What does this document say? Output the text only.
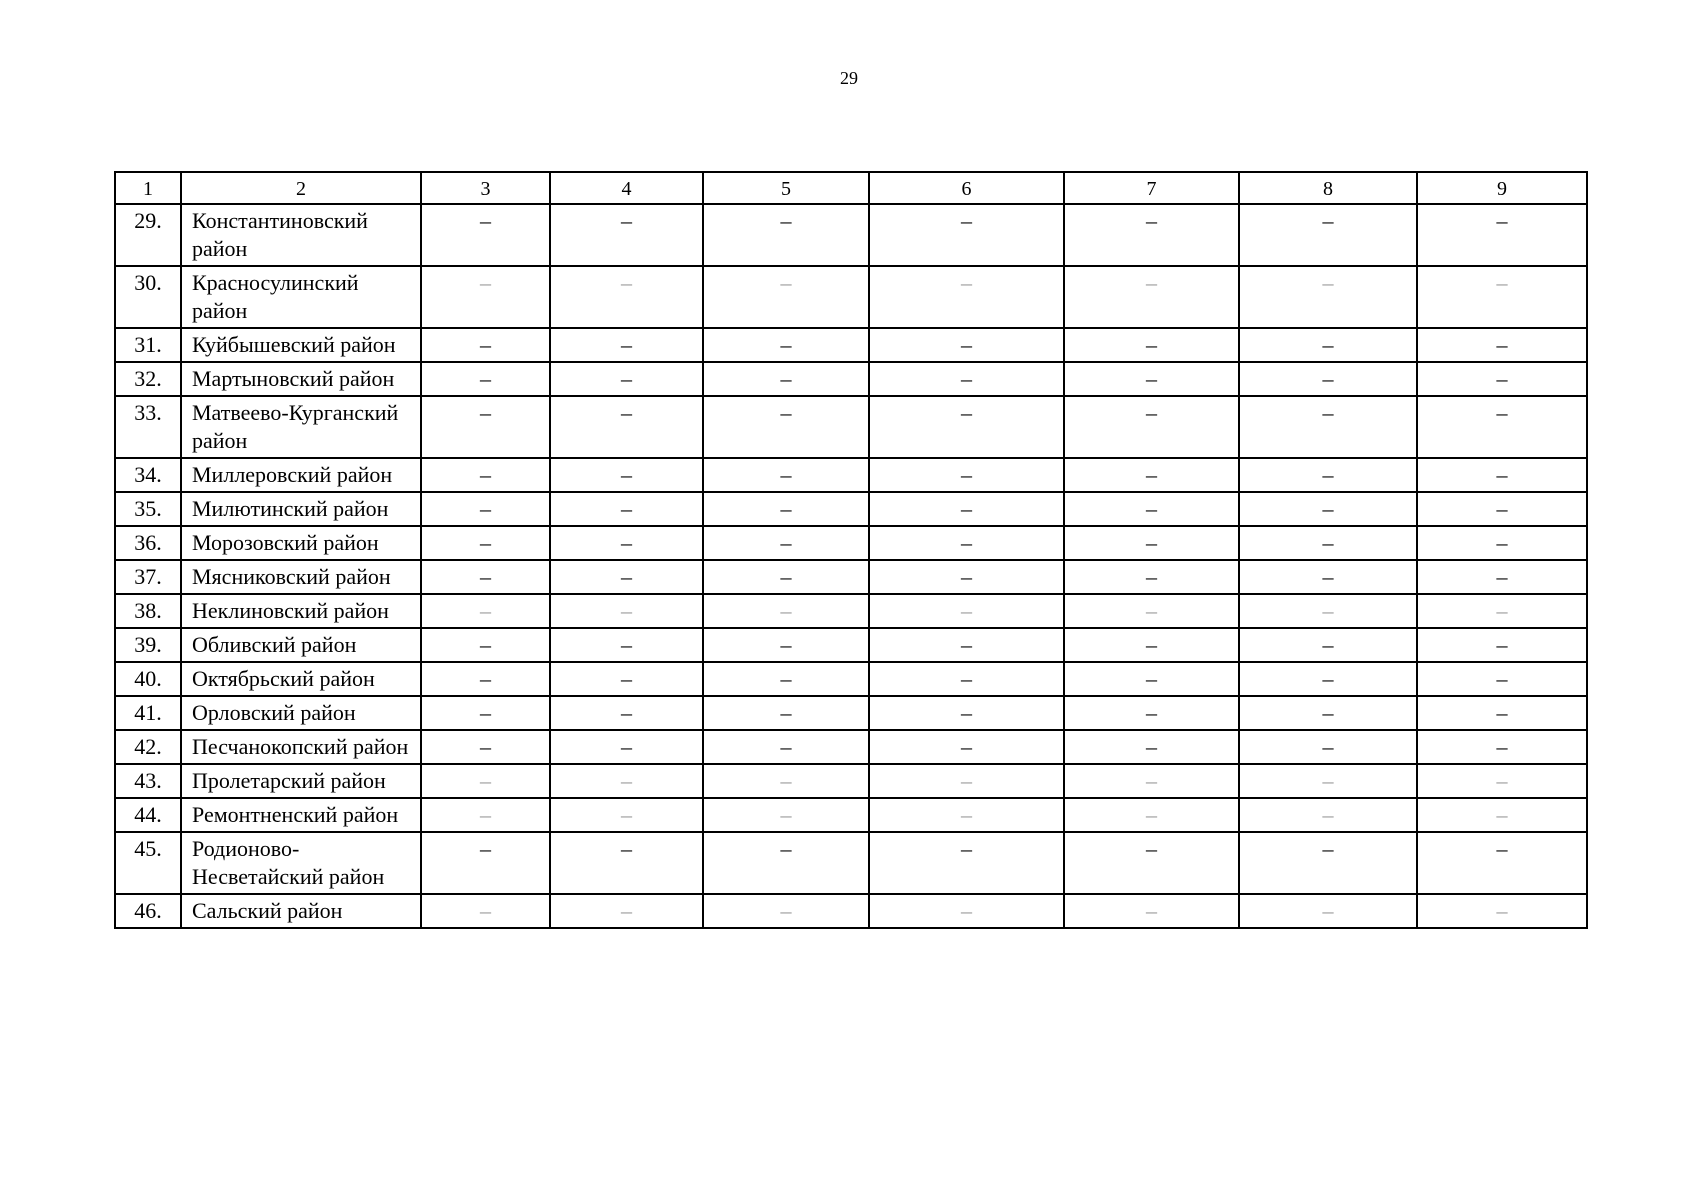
29
1	2	3	4	5	6	7	8	9
29.	Константиновский район	–	–	–	–	–	–	–
30.	Красносулинский район	–	–	–	–	–	–	–
31.	Куйбышевский район	–	–	–	–	–	–	–
32.	Мартыновский район	–	–	–	–	–	–	–
33.	Матвеево-Курганский район	–	–	–	–	–	–	–
34.	Миллеровский район	–	–	–	–	–	–	–
35.	Милютинский район	–	–	–	–	–	–	–
36.	Морозовский район	–	–	–	–	–	–	–
37.	Мясниковский район	–	–	–	–	–	–	–
38.	Неклиновский район	–	–	–	–	–	–	–
39.	Обливский район	–	–	–	–	–	–	–
40.	Октябрьский район	–	–	–	–	–	–	–
41.	Орловский район	–	–	–	–	–	–	–
42.	Песчанокопский район	–	–	–	–	–	–	–
43.	Пролетарский район	–	–	–	–	–	–	–
44.	Ремонтненский район	–	–	–	–	–	–	–
45.	Родионово-Несветайский район	–	–	–	–	–	–	–
46.	Сальский район	–	–	–	–	–	–	–
